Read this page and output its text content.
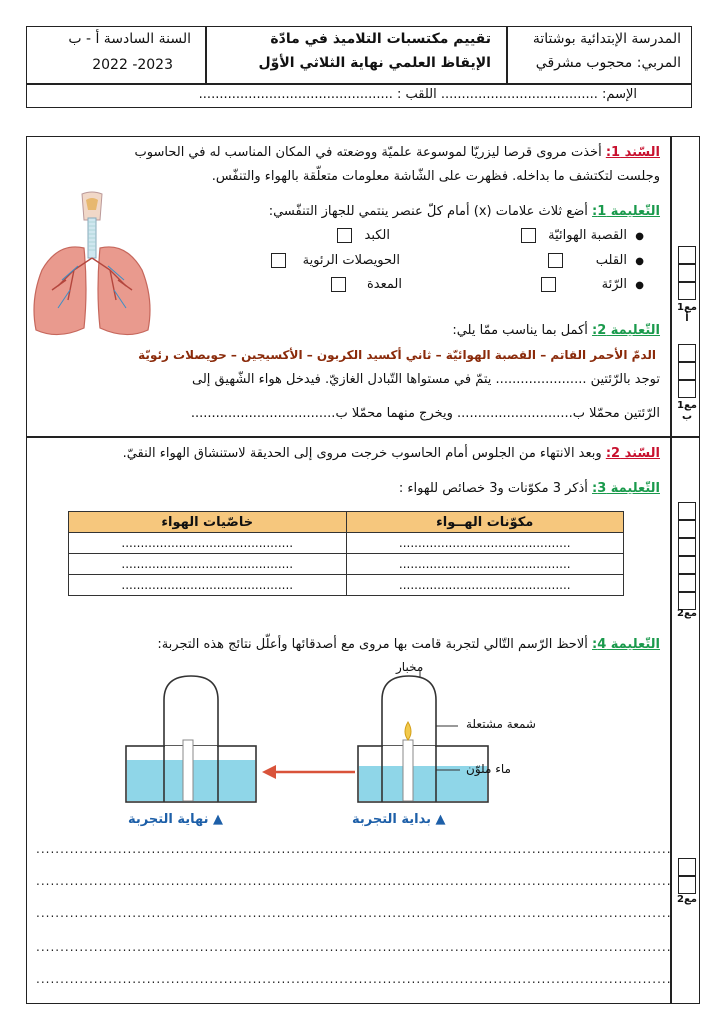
المدرسة الإبتدائية بوشتاتة
المربي: محجوب مشرقي
تقييم مكتسبات التلاميذ في مادّة
الإيقاظ العلمي نهاية الثلاثي الأوّل
السنة السادسة أ - ب
2022 -2023
الإسم: ...................................... اللقب : ...............................................
السّند 1: أخذت مروى قرصا ليزريّا لموسوعة علميّة ووضعته في المكان المناسب له في الحاسوب
وجلست لتكتشف ما بداخله. فظهرت على الشّاشة معلومات متعلّقة بالهواء والتنفّس.
التّعليمة 1: أضع ثلاث علامات (x) أمام كلّ عنصر ينتمي للجهاز التنفّسي:
●  القصبة الهوائيّة
الكبد
●  القلب
الحويصلات الرئوية
●  الرّئة
المعدة
التّعليمة 2: أكمل بما يناسب ممّا يلي:
الدمّ الأحمر القاتم – القصبة الهوائيّة – ثاني أكسيد الكربون – الأكسيجين – حويصلات رئويّة
توجد بالرّئتين ...................... يتمّ في مستواها التّبادل الغازيّ. فيدخل هواء الشّهيق إلى
الرّئتين محمّلا ب............................ ويخرج منهما محمّلا ب...................................
مع1
أ
مع1
ب
السّند 2: وبعد الانتهاء من الجلوس أمام الحاسوب خرجت مروى إلى الحديقة لاستنشاق الهواء النقيّ.
التّعليمة 3: أذكر 3 مكوّنات و3 خصائص للهواء :
مكوّنات الهــواء	خاصّيات الهواء
.............................................	.............................................
.............................................	.............................................
.............................................	.............................................
مع2
التّعليمة 4: ألاحظ الرّسم التّالي لتجربة قامت بها مروى مع أصدقائها وأعلّل نتائج هذه التجربة:
مخبار
شمعة مشتعلة
ماء ملوّن
▲ بداية التجربة
▲ نهاية التجربة
....................................................................................................................................
....................................................................................................................................
....................................................................................................................................
....................................................................................................................................
....................................................................................................................................
مع2
